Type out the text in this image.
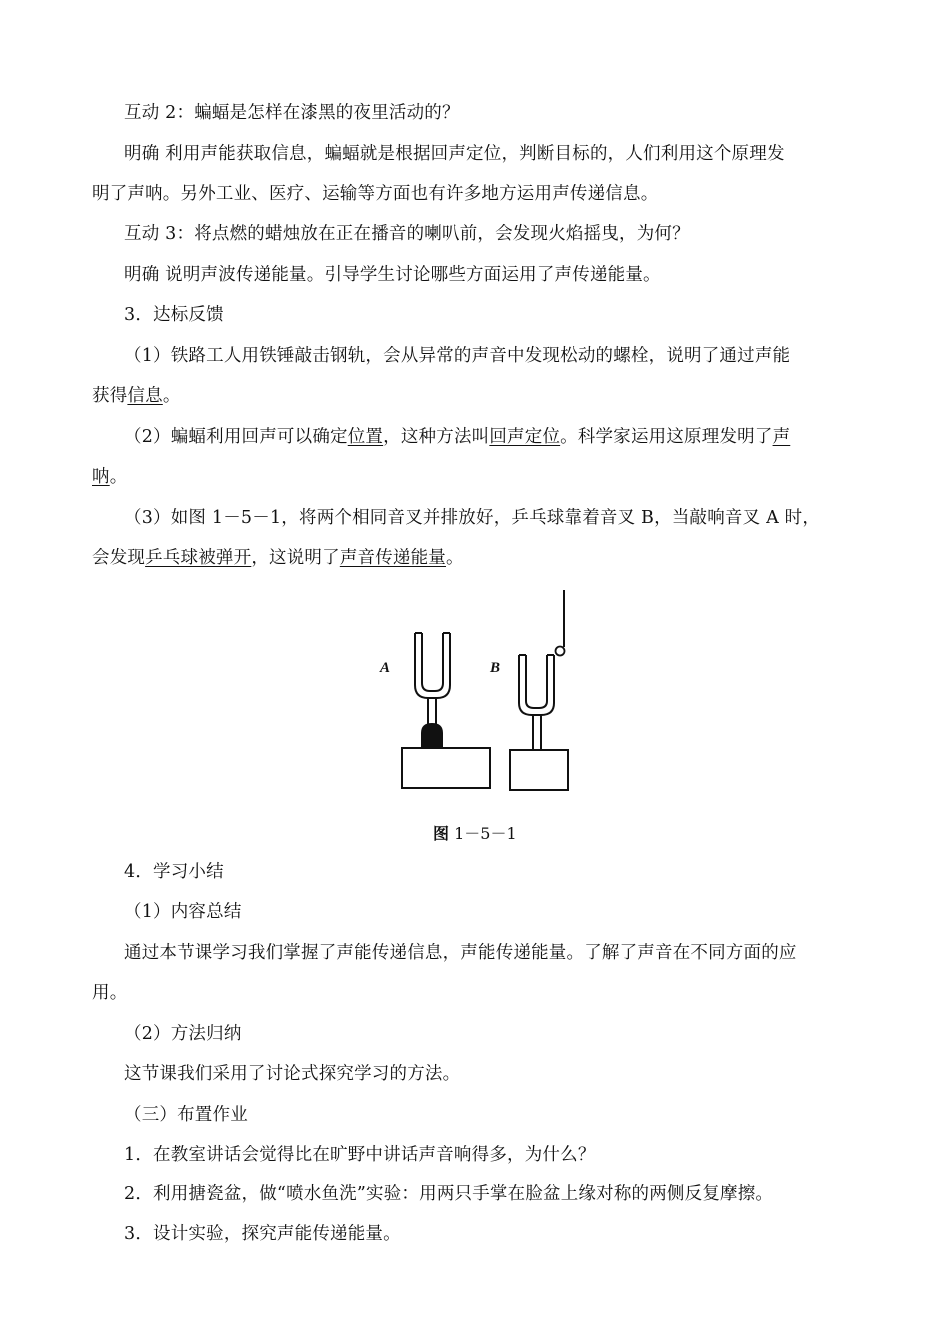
互动 2：蝙蝠是怎样在漆黑的夜里活动的？
明确 利用声能获取信息，蝙蝠就是根据回声定位，判断目标的，人们利用这个原理发
明了声呐。另外工业、医疗、运输等方面也有许多地方运用声传递信息。
互动 3：将点燃的蜡烛放在正在播音的喇叭前，会发现火焰摇曳，为何？
明确 说明声波传递能量。引导学生讨论哪些方面运用了声传递能量。
3．达标反馈
（1）铁路工人用铁锤敲击钢轨，会从异常的声音中发现松动的螺栓，说明了通过声能
获得信息。
（2）蝙蝠利用回声可以确定位置，这种方法叫回声定位。科学家运用这原理发明了声
呐。
（3）如图 1－5－1，将两个相同音叉并排放好，乒乓球靠着音叉 B，当敲响音叉 A 时，
会发现乒乓球被弹开，这说明了声音传递能量。
A	B
图 1－5－1
4．学习小结
（1）内容总结
通过本节课学习我们掌握了声能传递信息，声能传递能量。了解了声音在不同方面的应
用。
（2）方法归纳
这节课我们采用了讨论式探究学习的方法。
（三）布置作业
1．在教室讲话会觉得比在旷野中讲话声音响得多，为什么？
2．利用搪瓷盆，做“喷水鱼洗”实验：用两只手掌在脸盆上缘对称的两侧反复摩擦。
3．设计实验，探究声能传递能量。
